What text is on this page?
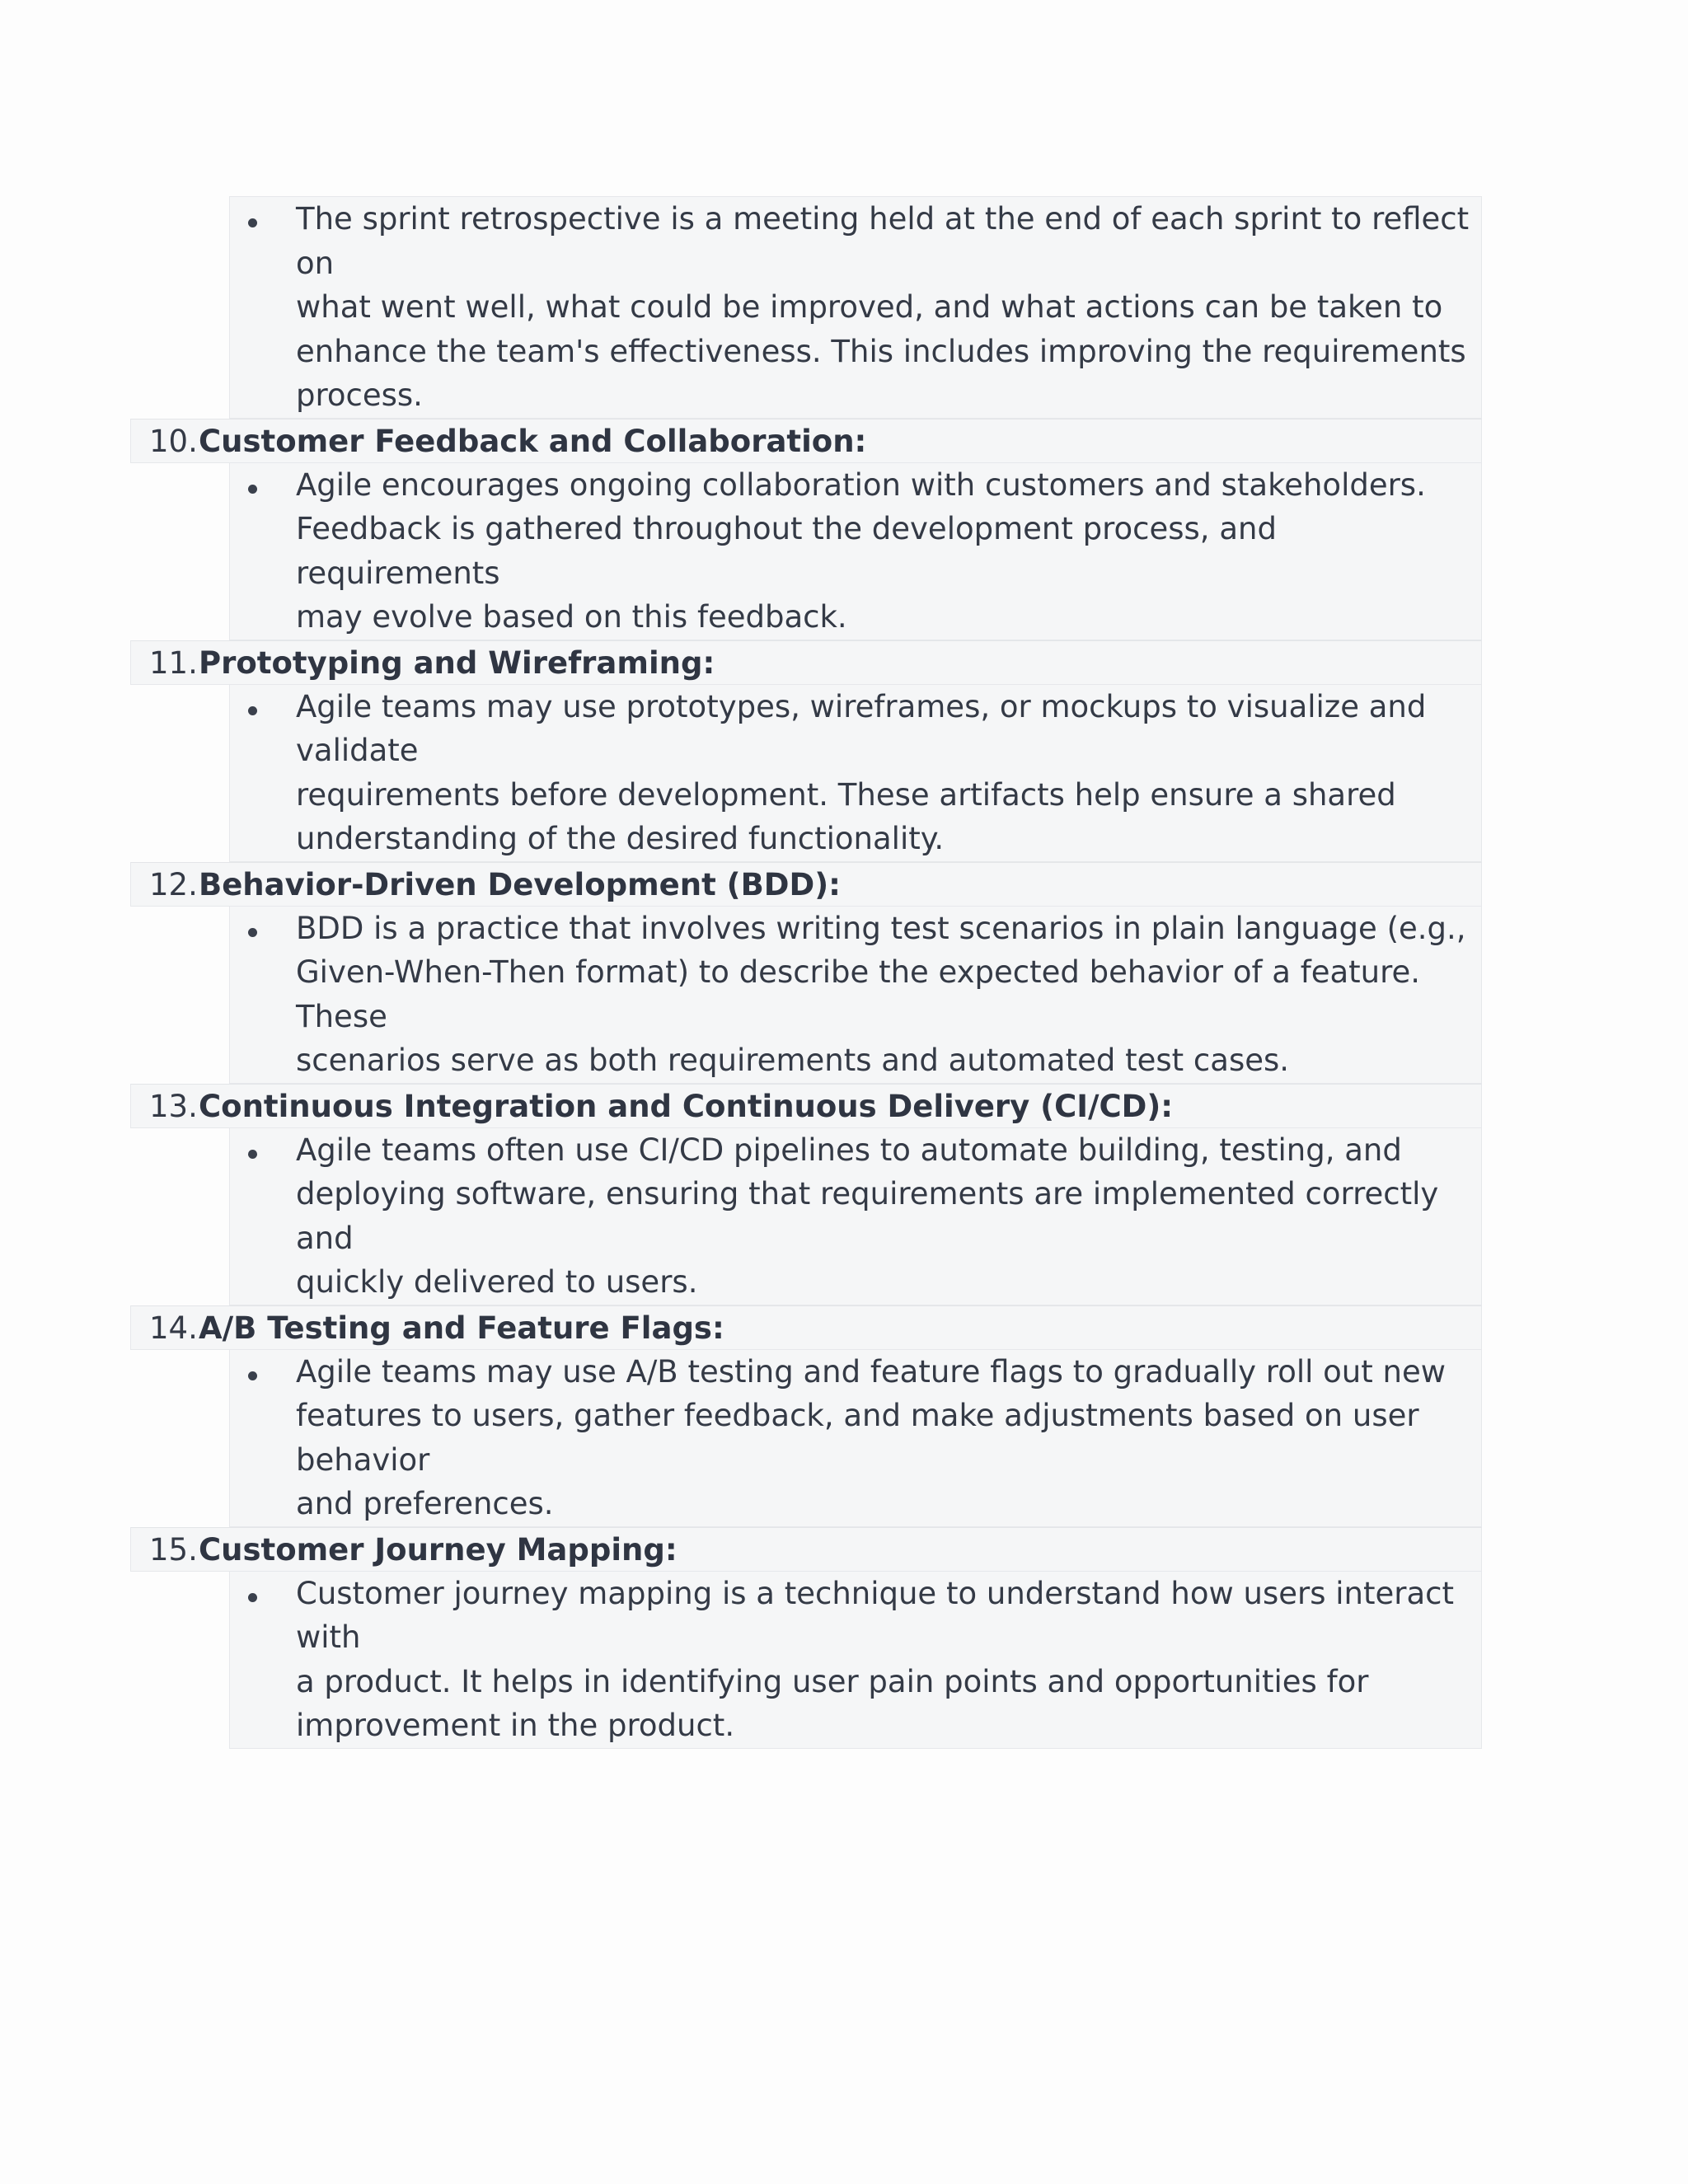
The sprint retrospective is a meeting held at the end of each sprint to reflect on
what went well, what could be improved, and what actions can be taken to
enhance the team's effectiveness. This includes improving the requirements
process.
10. Customer Feedback and Collaboration:
Agile encourages ongoing collaboration with customers and stakeholders.
Feedback is gathered throughout the development process, and requirements
may evolve based on this feedback.
11. Prototyping and Wireframing:
Agile teams may use prototypes, wireframes, or mockups to visualize and validate
requirements before development. These artifacts help ensure a shared
understanding of the desired functionality.
12. Behavior-Driven Development (BDD):
BDD is a practice that involves writing test scenarios in plain language (e.g.,
Given-When-Then format) to describe the expected behavior of a feature. These
scenarios serve as both requirements and automated test cases.
13. Continuous Integration and Continuous Delivery (CI/CD):
Agile teams often use CI/CD pipelines to automate building, testing, and
deploying software, ensuring that requirements are implemented correctly and
quickly delivered to users.
14. A/B Testing and Feature Flags:
Agile teams may use A/B testing and feature flags to gradually roll out new
features to users, gather feedback, and make adjustments based on user behavior
and preferences.
15. Customer Journey Mapping:
Customer journey mapping is a technique to understand how users interact with
a product. It helps in identifying user pain points and opportunities for
improvement in the product.
